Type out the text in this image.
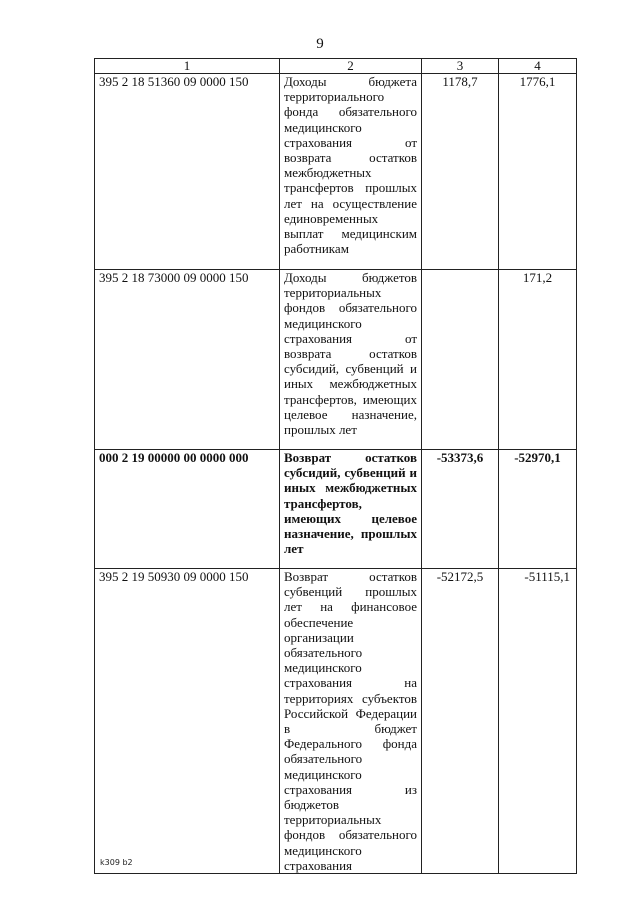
9
1	2	3	4
395 2 18 51360 09 0000 150	Доходы бюджета территориального фонда обязательного медицинского страхования от возврата остатков межбюджетных трансфертов прошлых лет на осуществление единовременных выплат медицинским работникам	1178,7	1776,1
395 2 18 73000 09 0000 150	Доходы бюджетов территориальных фондов обязательного медицинского страхования от возврата остатков субсидий, субвенций и иных межбюджетных трансфертов, имеющих целевое назначение, прошлых лет		171,2
000 2 19 00000 00 0000 000	Возврат остатков субсидий, субвенций и иных межбюджетных трансфертов, имеющих целевое назначение, прошлых лет	-53373,6	-52970,1
395 2 19 50930 09 0000 150	Возврат остатков субвенций прошлых лет на финансовое обеспечение организации обязательного медицинского страхования на территориях субъектов Российской Федерации в бюджет Федерального фонда обязательного медицинского страхования из бюджетов территориальных фондов обязательного медицинского страхования	-52172,5	-51115,1
k309 b2
